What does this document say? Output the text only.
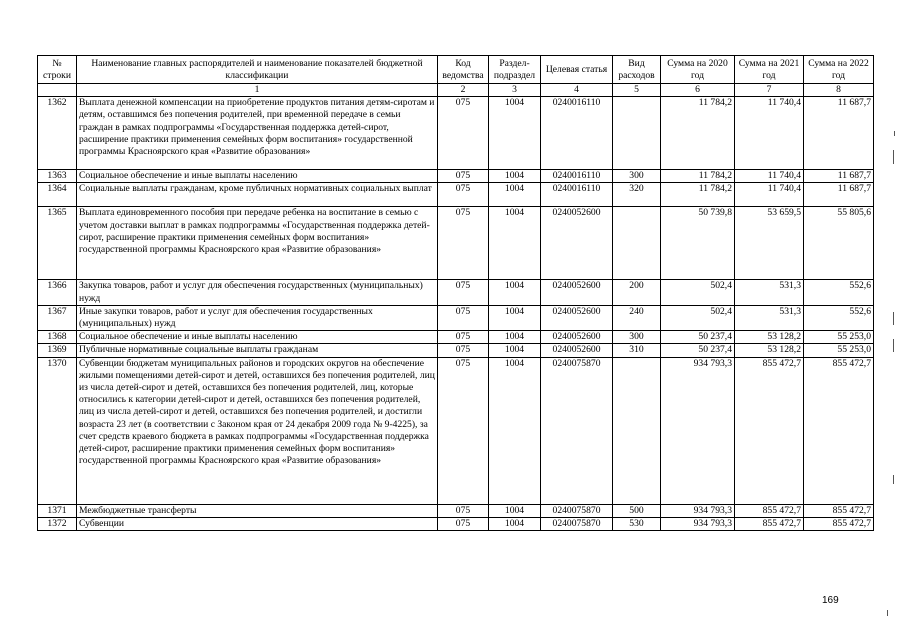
№ строки	Наименование главных распорядителей и наименование показателей бюджетной классификации	Код ведомства	Раздел-подраздел	Целевая статья	Вид расходов	Сумма на 2020 год	Сумма на 2021 год	Сумма на 2022 год
	1	2	3	4	5	6	7	8
1362	Выплата денежной компенсации на приобретение продуктов питания детям-сиротам и детям, оставшимся без попечения родителей, при временной передаче в семьи граждан в рамках подпрограммы «Государственная поддержка детей-сирот, расширение практики применения семейных форм воспитания» государственной программы Красноярского края «Развитие образования»	075	1004	0240016110		11 784,2	11 740,4	11 687,7
1363	Социальное обеспечение и иные выплаты населению	075	1004	0240016110	300	11 784,2	11 740,4	11 687,7
1364	Социальные выплаты гражданам, кроме публичных нормативных социальных выплат	075	1004	0240016110	320	11 784,2	11 740,4	11 687,7
1365	Выплата единовременного пособия при передаче ребенка на воспитание в семью с учетом доставки выплат в рамках подпрограммы «Государственная поддержка детей-сирот, расширение практики применения семейных форм воспитания» государственной программы Красноярского края «Развитие образования»	075	1004	0240052600		50 739,8	53 659,5	55 805,6
1366	Закупка товаров, работ и услуг для обеспечения государственных (муниципальных) нужд	075	1004	0240052600	200	502,4	531,3	552,6
1367	Иные закупки товаров, работ и услуг для обеспечения государственных (муниципальных) нужд	075	1004	0240052600	240	502,4	531,3	552,6
1368	Социальное обеспечение и иные выплаты населению	075	1004	0240052600	300	50 237,4	53 128,2	55 253,0
1369	Публичные нормативные социальные выплаты гражданам	075	1004	0240052600	310	50 237,4	53 128,2	55 253,0
1370	Субвенции бюджетам муниципальных районов и городских округов на обеспечение жилыми помещениями детей-сирот и детей, оставшихся без попечения родителей, лиц из числа детей-сирот и детей, оставшихся без попечения родителей, лиц, которые относились к категории детей-сирот и детей, оставшихся без попечения родителей, лиц из числа детей-сирот и детей, оставшихся без попечения родителей, и достигли возраста 23 лет (в соответствии с Законом края от 24 декабря 2009 года № 9-4225), за счет средств краевого бюджета в рамках подпрограммы «Государственная поддержка детей-сирот, расширение практики применения семейных форм воспитания» государственной программы Красноярского края «Развитие образования»	075	1004	0240075870		934 793,3	855 472,7	855 472,7
1371	Межбюджетные трансферты	075	1004	0240075870	500	934 793,3	855 472,7	855 472,7
1372	Субвенции	075	1004	0240075870	530	934 793,3	855 472,7	855 472,7
169
